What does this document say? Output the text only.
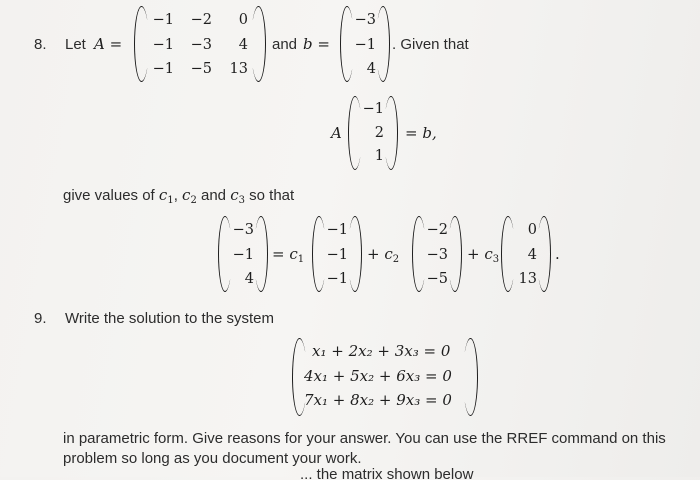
8. Let A =
−1	−2	0
−1	−3	4
−1	−5	13
and b =
−3
−1
4
. Given that
A
−1
2
1
= b,
give values of $c_1$, $c_2$ and $c_3$ so that
−3
−1
4
= $c_1$
−1
−1
−1
+ $c_2$
−2
−3
−5
+ $c_3$
0
4
13
.
9. Write the solution to the system
x₁ + 2x₂ + 3x₃ = 0
4x₁ + 5x₂ + 6x₃ = 0
7x₁ + 8x₂ + 9x₃ = 0
in parametric form. Give reasons for your answer. You can use the RREF command on this
problem so long as you document your work.
... the matrix shown below
